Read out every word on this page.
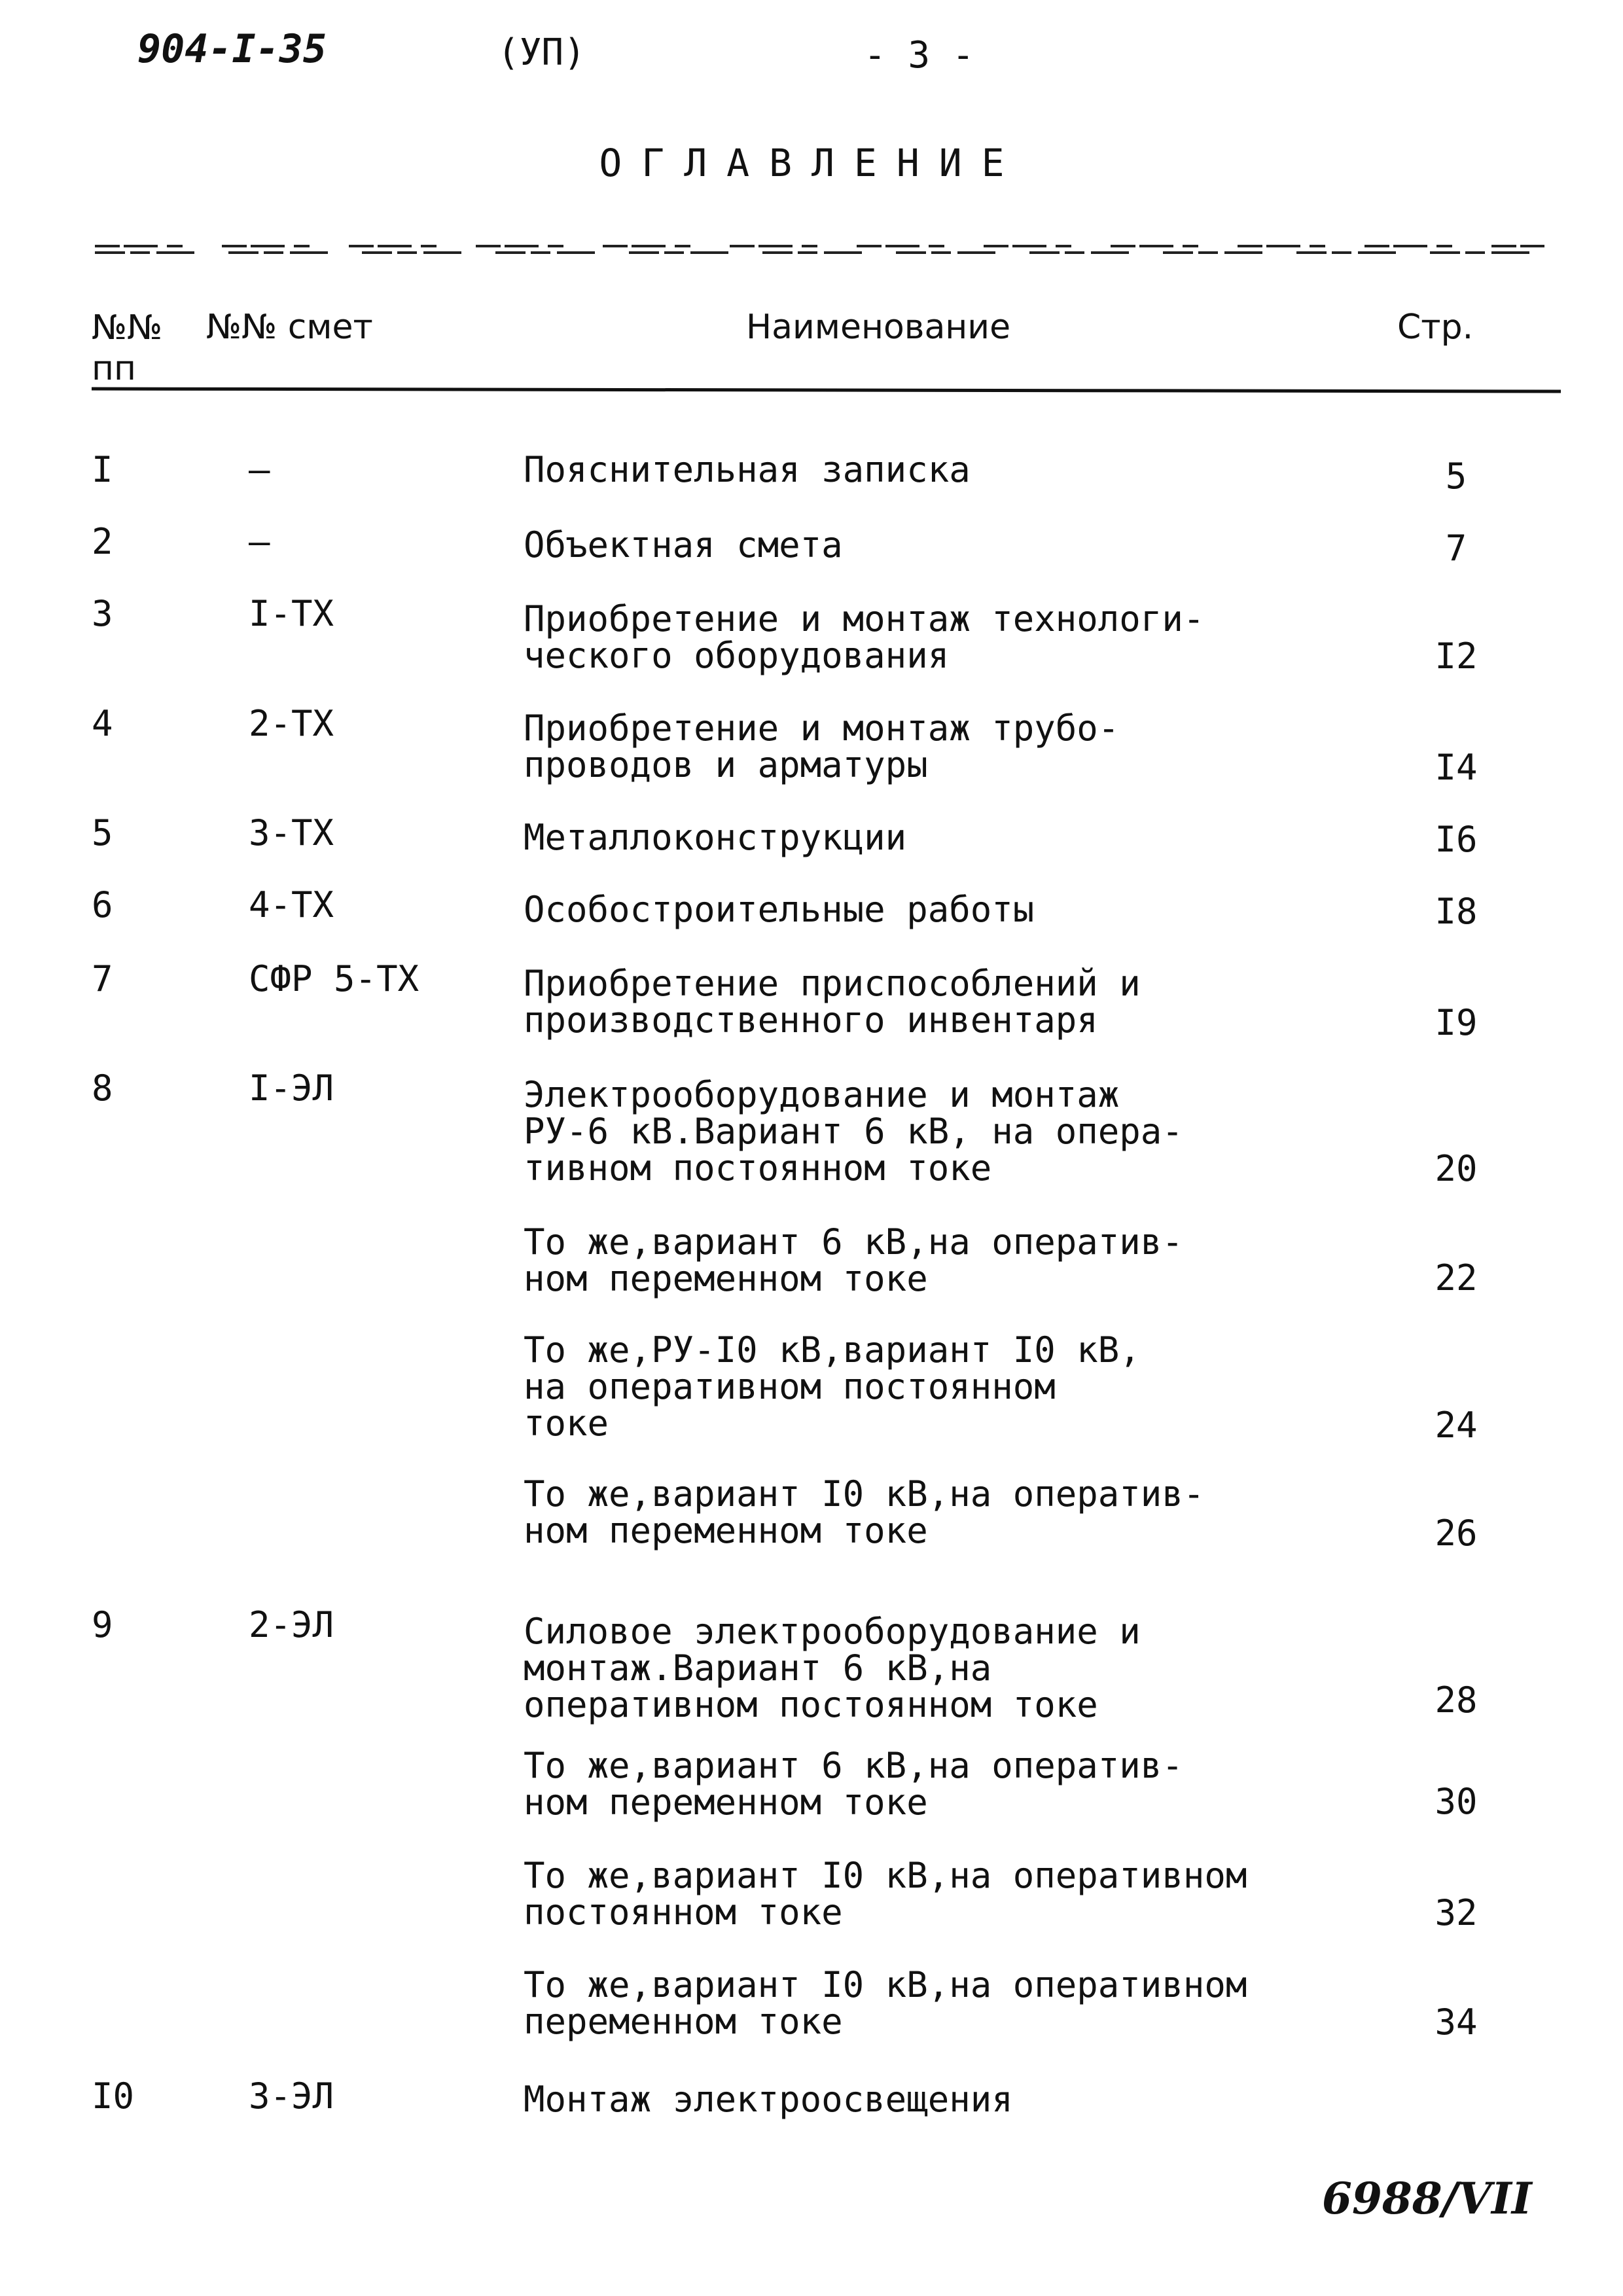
904-I-35	(УП)	- 3 -
ОГЛАВЛЕНИЕ
№№
пп
№№ смет	Наименование	Стр.
I	–	Пояснительная записка	5
2	–	Объектная смета	7
3	I-ТХ	Приобретение и монтаж технологи-
ческого оборудования	I2
4	2-ТХ	Приобретение и монтаж трубо-
проводов и арматуры	I4
5	3-ТХ	Металлоконструкции	I6
6	4-ТХ	Особостроительные работы	I8
7	СФР 5-ТХ	Приобретение приспособлений и
производственного инвентаря	I9
8	I-ЭЛ	Электрооборудование и монтаж
РУ-6 кВ.Вариант 6 кВ, на опера-
тивном постоянном токе	20
То же,вариант 6 кВ,на оператив-
ном переменном токе	22
То же,РУ-I0 кВ,вариант I0 кВ,
на оперативном постоянном
токе	24
То же,вариант I0 кВ,на оператив-
ном переменном токе	26
9	2-ЭЛ	Силовое электрооборудование и
монтаж.Вариант 6 кВ,на
оперативном постоянном токе	28
То же,вариант 6 кВ,на оператив-
ном переменном токе	30
То же,вариант I0 кВ,на оперативном
постоянном токе	32
То же,вариант I0 кВ,на оперативном
переменном токе	34
I0	3-ЭЛ	Монтаж электроосвещения
6988/VII
